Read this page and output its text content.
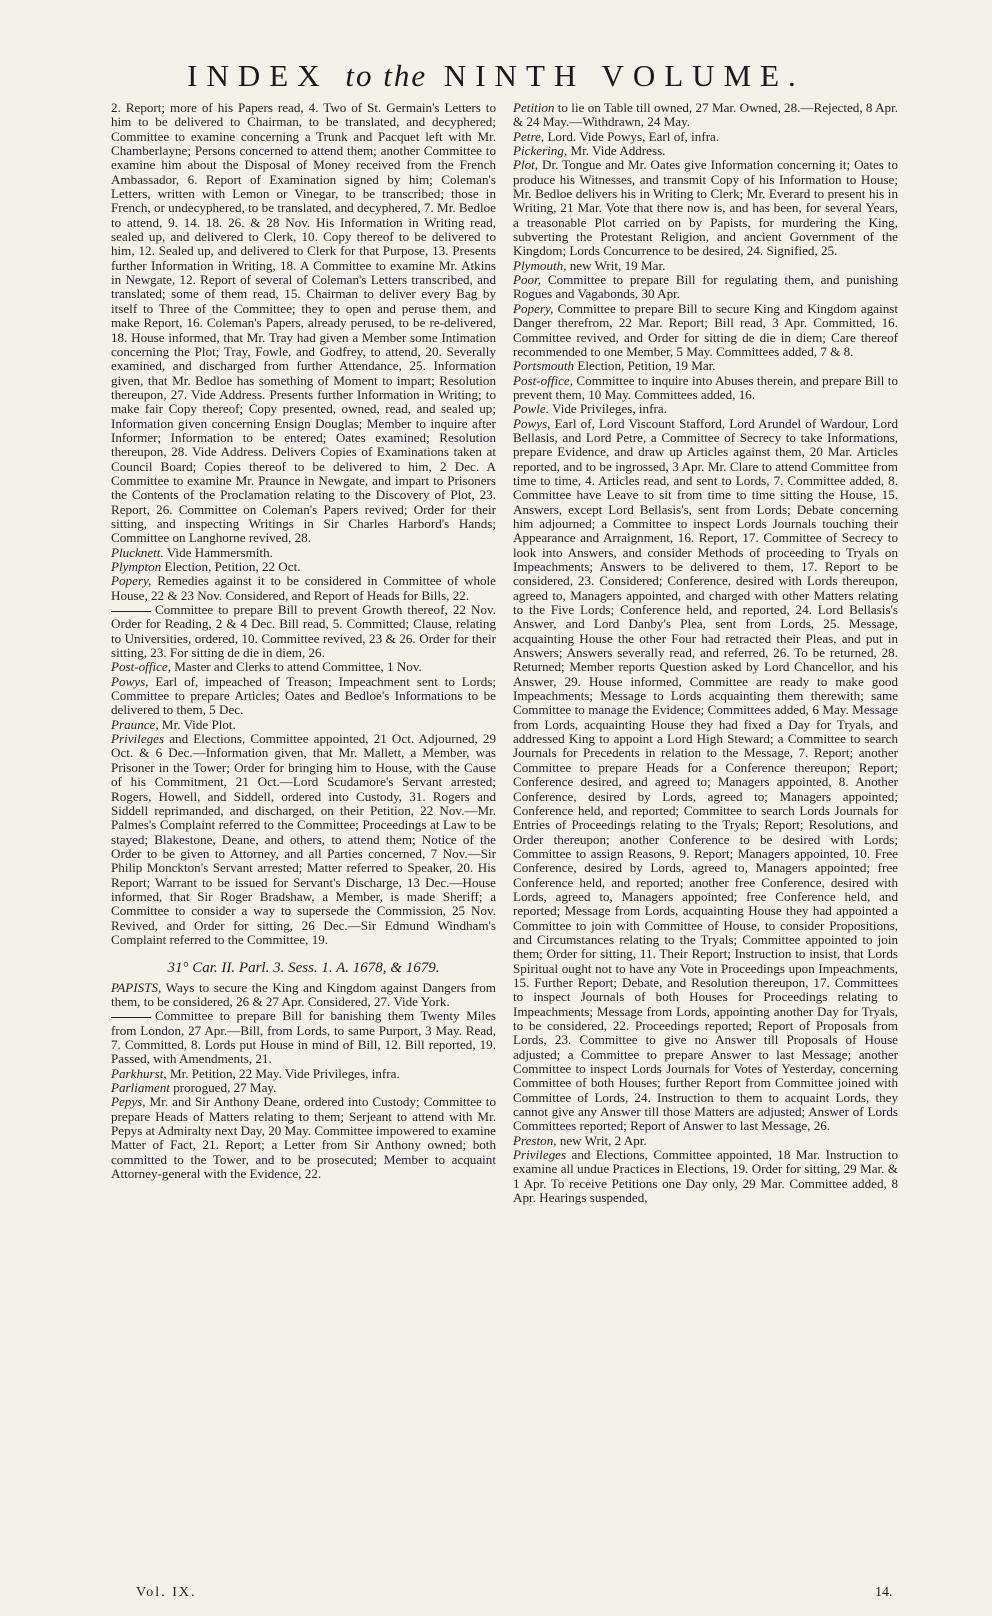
INDEX to the NINTH VOLUME.

2. Report; more of his Papers read, 4. Two of St. Germain's Letters to him to be delivered to Chairman, to be translated, and decyphered; Committee to examine concerning a Trunk and Pacquet left with Mr. Chamberlayne; Persons concerned to attend them; another Committee to examine him about the Disposal of Money received from the French Ambassador, 6. Report of Examination signed by him; Coleman's Letters, written with Lemon or Vinegar, to be transcribed; those in French, or undecyphered, to be translated, and decyphered, 7. Mr. Bedloe to attend, 9. 14. 18. 26. & 28 Nov. His Information in Writing read, sealed up, and delivered to Clerk, 10. Copy thereof to be delivered to him, 12. Sealed up, and delivered to Clerk for that Purpose, 13. Presents further Information in Writing, 18. A Committee to examine Mr. Atkins in Newgate, 12. Report of several of Coleman's Letters transcribed, and translated; some of them read, 15. Chairman to deliver every Bag by itself to Three of the Committee; they to open and peruse them, and make Report, 16. Coleman's Papers, already perused, to be re-delivered, 18. House informed, that Mr. Tray had given a Member some Intimation concerning the Plot; Tray, Fowle, and Godfrey, to attend, 20. Severally examined, and discharged from further Attendance, 25. Information given, that Mr. Bedloe has something of Moment to impart; Resolution thereupon, 27. Vide Address. Presents further Information in Writing; to make fair Copy thereof; Copy presented, owned, read, and sealed up; Information given concerning Ensign Douglas; Member to inquire after Informer; Information to be entered; Oates examined; Resolution thereupon, 28. Vide Address. Delivers Copies of Examinations taken at Council Board; Copies thereof to be delivered to him, 2 Dec. A Committee to examine Mr. Praunce in Newgate, and impart to Prisoners the Contents of the Proclamation relating to the Discovery of Plot, 23. Report, 26. Committee on Coleman's Papers revived; Order for their sitting, and inspecting Writings in Sir Charles Harbord's Hands; Committee on Langhorne revived, 28.

Plucknett. Vide Hammersmith.

Plympton Election, Petition, 22 Oct.

Popery, Remedies against it to be considered in Committee of whole House, 22 & 23 Nov. Considered, and Report of Heads for Bills, 22.

Committee to prepare Bill to prevent Growth thereof, 22 Nov. Order for Reading, 2 & 4 Dec. Bill read, 5. Committed; Clause, relating to Universities, ordered, 10. Committee revived, 23 & 26. Order for their sitting, 23. For sitting de die in diem, 26.

Post-office, Master and Clerks to attend Committee, 1 Nov.

Powys, Earl of, impeached of Treason; Impeachment sent to Lords; Committee to prepare Articles; Oates and Bedloe's Informations to be delivered to them, 5 Dec.

Praunce, Mr. Vide Plot.

Privileges and Elections, Committee appointed, 21 Oct. Adjourned, 29 Oct. & 6 Dec.—Information given, that Mr. Mallett, a Member, was Prisoner in the Tower; Order for bringing him to House, with the Cause of his Commitment, 21 Oct.—Lord Scudamore's Servant arrested; Rogers, Howell, and Siddell, ordered into Custody, 31. Rogers and Siddell reprimanded, and discharged, on their Petition, 22 Nov.—Mr. Palmes's Complaint referred to the Committee; Proceedings at Law to be stayed; Blakestone, Deane, and others, to attend them; Notice of the Order to be given to Attorney, and all Parties concerned, 7 Nov.—Sir Philip Monckton's Servant arrested; Matter referred to Speaker, 20. His Report; Warrant to be issued for Servant's Discharge, 13 Dec.—House informed, that Sir Roger Bradshaw, a Member, is made Sheriff; a Committee to consider a way to supersede the Commission, 25 Nov. Revived, and Order for sitting, 26 Dec.—Sir Edmund Windham's Complaint referred to the Committee, 19.

31° Car. II. Parl. 3. Sess. 1. A. 1678, & 1679.

PAPISTS, Ways to secure the King and Kingdom against Dangers from them, to be considered, 26 & 27 Apr. Considered, 27. Vide York.

Committee to prepare Bill for banishing them Twenty Miles from London, 27 Apr.—Bill, from Lords, to same Purport, 3 May. Read, 7. Committed, 8. Lords put House in mind of Bill, 12. Bill reported, 19. Passed, with Amendments, 21.

Parkhurst, Mr. Petition, 22 May. Vide Privileges, infra.

Parliament prorogued, 27 May.

Pepys, Mr. and Sir Anthony Deane, ordered into Custody; Committee to prepare Heads of Matters relating to them; Serjeant to attend with Mr. Pepys at Admiralty next Day, 20 May. Committee impowered to examine Matter of Fact, 21. Report; a Letter from Sir Anthony owned; both committed to the Tower, and to be prosecuted; Member to acquaint Attorney-general with the Evidence, 22.

Petition to lie on Table till owned, 27 Mar. Owned, 28.—Rejected, 8 Apr. & 24 May.—Withdrawn, 24 May.

Petre, Lord. Vide Powys, Earl of, infra.

Pickering, Mr. Vide Address.

Plot, Dr. Tongue and Mr. Oates give Information concerning it; Oates to produce his Witnesses, and transmit Copy of his Information to House; Mr. Bedloe delivers his in Writing to Clerk; Mr. Everard to present his in Writing, 21 Mar. Vote that there now is, and has been, for several Years, a treasonable Plot carried on by Papists, for murdering the King, subverting the Protestant Religion, and ancient Government of the Kingdom; Lords Concurrence to be desired, 24. Signified, 25.

Plymouth, new Writ, 19 Mar.

Poor, Committee to prepare Bill for regulating them, and punishing Rogues and Vagabonds, 30 Apr.

Popery, Committee to prepare Bill to secure King and Kingdom against Danger therefrom, 22 Mar. Report; Bill read, 3 Apr. Committed, 16. Committee revived, and Order for sitting de die in diem; Care thereof recommended to one Member, 5 May. Committees added, 7 & 8.

Portsmouth Election, Petition, 19 Mar.

Post-office, Committee to inquire into Abuses therein, and prepare Bill to prevent them, 10 May. Committees added, 16.

Powle. Vide Privileges, infra.

Powys, Earl of, Lord Viscount Stafford, Lord Arundel of Wardour, Lord Bellasis, and Lord Petre, a Committee of Secrecy to take Informations, prepare Evidence, and draw up Articles against them, 20 Mar. Articles reported, and to be ingrossed, 3 Apr. Mr. Clare to attend Committee from time to time, 4. Articles read, and sent to Lords, 7. Committee added, 8. Committee have Leave to sit from time to time sitting the House, 15. Answers, except Lord Bellasis's, sent from Lords; Debate concerning him adjourned; a Committee to inspect Lords Journals touching their Appearance and Arraignment, 16. Report, 17. Committee of Secrecy to look into Answers, and consider Methods of proceeding to Tryals on Impeachments; Answers to be delivered to them, 17. Report to be considered, 23. Considered; Conference, desired with Lords thereupon, agreed to, Managers appointed, and charged with other Matters relating to the Five Lords; Conference held, and reported, 24. Lord Bellasis's Answer, and Lord Danby's Plea, sent from Lords, 25. Message, acquainting House the other Four had retracted their Pleas, and put in Answers; Answers severally read, and referred, 26. To be returned, 28. Returned; Member reports Question asked by Lord Chancellor, and his Answer, 29. House informed, Committee are ready to make good Impeachments; Message to Lords acquainting them therewith; same Committee to manage the Evidence; Committees added, 6 May. Message from Lords, acquainting House they had fixed a Day for Tryals, and addressed King to appoint a Lord High Steward; a Committee to search Journals for Precedents in relation to the Message, 7. Report; another Committee to prepare Heads for a Conference thereupon; Report; Conference desired, and agreed to; Managers appointed, 8. Another Conference, desired by Lords, agreed to; Managers appointed; Conference held, and reported; Committee to search Lords Journals for Entries of Proceedings relating to the Tryals; Report; Resolutions, and Order thereupon; another Conference to be desired with Lords; Committee to assign Reasons, 9. Report; Managers appointed, 10. Free Conference, desired by Lords, agreed to, Managers appointed; free Conference held, and reported; another free Conference, desired with Lords, agreed to, Managers appointed; free Conference held, and reported; Message from Lords, acquainting House they had appointed a Committee to join with Committee of House, to consider Propositions, and Circumstances relating to the Tryals; Committee appointed to join them; Order for sitting, 11. Their Report; Instruction to insist, that Lords Spiritual ought not to have any Vote in Proceedings upon Impeachments, 15. Further Report; Debate, and Resolution thereupon, 17. Committees to inspect Journals of both Houses for Proceedings relating to Impeachments; Message from Lords, appointing another Day for Tryals, to be considered, 22. Proceedings reported; Report of Proposals from Lords, 23. Committee to give no Answer till Proposals of House adjusted; a Committee to prepare Answer to last Message; another Committee to inspect Lords Journals for Votes of Yesterday, concerning Committee of both Houses; further Report from Committee joined with Committee of Lords, 24. Instruction to them to acquaint Lords, they cannot give any Answer till those Matters are adjusted; Answer of Lords Committees reported; Report of Answer to last Message, 26.

Preston, new Writ, 2 Apr.

Privileges and Elections, Committee appointed, 18 Mar. Instruction to examine all undue Practices in Elections, 19. Order for sitting, 29 Mar. & 1 Apr. To receive Petitions one Day only, 29 Mar. Committee added, 8 Apr. Hearings suspended,

Vol. IX.	14.
